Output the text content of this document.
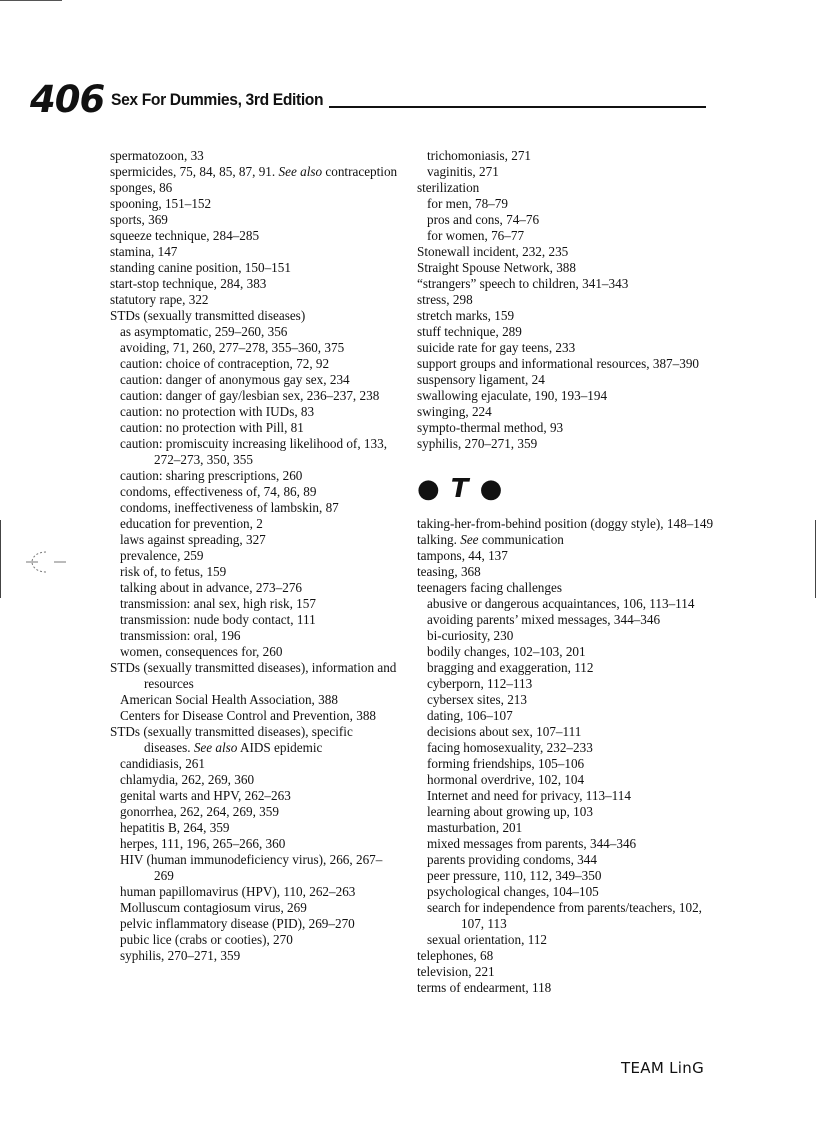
406 Sex For Dummies, 3rd Edition

spermatozoon, 33

spermicides, 75, 84, 85, 87, 91. See also contraception

sponges, 86

spooning, 151–152

sports, 369

squeeze technique, 284–285

stamina, 147

standing canine position, 150–151

start-stop technique, 284, 383

statutory rape, 322

STDs (sexually transmitted diseases)

as asymptomatic, 259–260, 356

avoiding, 71, 260, 277–278, 355–360, 375

caution: choice of contraception, 72, 92

caution: danger of anonymous gay sex, 234

caution: danger of gay/lesbian sex, 236–237, 238

caution: no protection with IUDs, 83

caution: no protection with Pill, 81

caution: promiscuity increasing likelihood of, 133, 272–273, 350, 355

caution: sharing prescriptions, 260

condoms, effectiveness of, 74, 86, 89

condoms, ineffectiveness of lambskin, 87

education for prevention, 2

laws against spreading, 327

prevalence, 259

risk of, to fetus, 159

talking about in advance, 273–276

transmission: anal sex, high risk, 157

transmission: nude body contact, 111

transmission: oral, 196

women, consequences for, 260

STDs (sexually transmitted diseases), information and resources

American Social Health Association, 388

Centers for Disease Control and Prevention, 388

STDs (sexually transmitted diseases), specific diseases. See also AIDS epidemic

candidiasis, 261

chlamydia, 262, 269, 360

genital warts and HPV, 262–263

gonorrhea, 262, 264, 269, 359

hepatitis B, 264, 359

herpes, 111, 196, 265–266, 360

HIV (human immunodeficiency virus), 266, 267–269

human papillomavirus (HPV), 110, 262–263

Molluscum contagiosum virus, 269

pelvic inflammatory disease (PID), 269–270

pubic lice (crabs or cooties), 270

syphilis, 270–271, 359

trichomoniasis, 271

vaginitis, 271

sterilization

for men, 78–79

pros and cons, 74–76

for women, 76–77

Stonewall incident, 232, 235

Straight Spouse Network, 388

“strangers” speech to children, 341–343

stress, 298

stretch marks, 159

stuff technique, 289

suicide rate for gay teens, 233

support groups and informational resources, 387–390

suspensory ligament, 24

swallowing ejaculate, 190, 193–194

swinging, 224

sympto-thermal method, 93

syphilis, 270–271, 359

● T ●

taking-her-from-behind position (doggy style), 148–149

talking. See communication

tampons, 44, 137

teasing, 368

teenagers facing challenges

abusive or dangerous acquaintances, 106, 113–114

avoiding parents’ mixed messages, 344–346

bi-curiosity, 230

bodily changes, 102–103, 201

bragging and exaggeration, 112

cyberporn, 112–113

cybersex sites, 213

dating, 106–107

decisions about sex, 107–111

facing homosexuality, 232–233

forming friendships, 105–106

hormonal overdrive, 102, 104

Internet and need for privacy, 113–114

learning about growing up, 103

masturbation, 201

mixed messages from parents, 344–346

parents providing condoms, 344

peer pressure, 110, 112, 349–350

psychological changes, 104–105

search for independence from parents/teachers, 102, 107, 113

sexual orientation, 112

telephones, 68

television, 221

terms of endearment, 118

TEAM LinG
